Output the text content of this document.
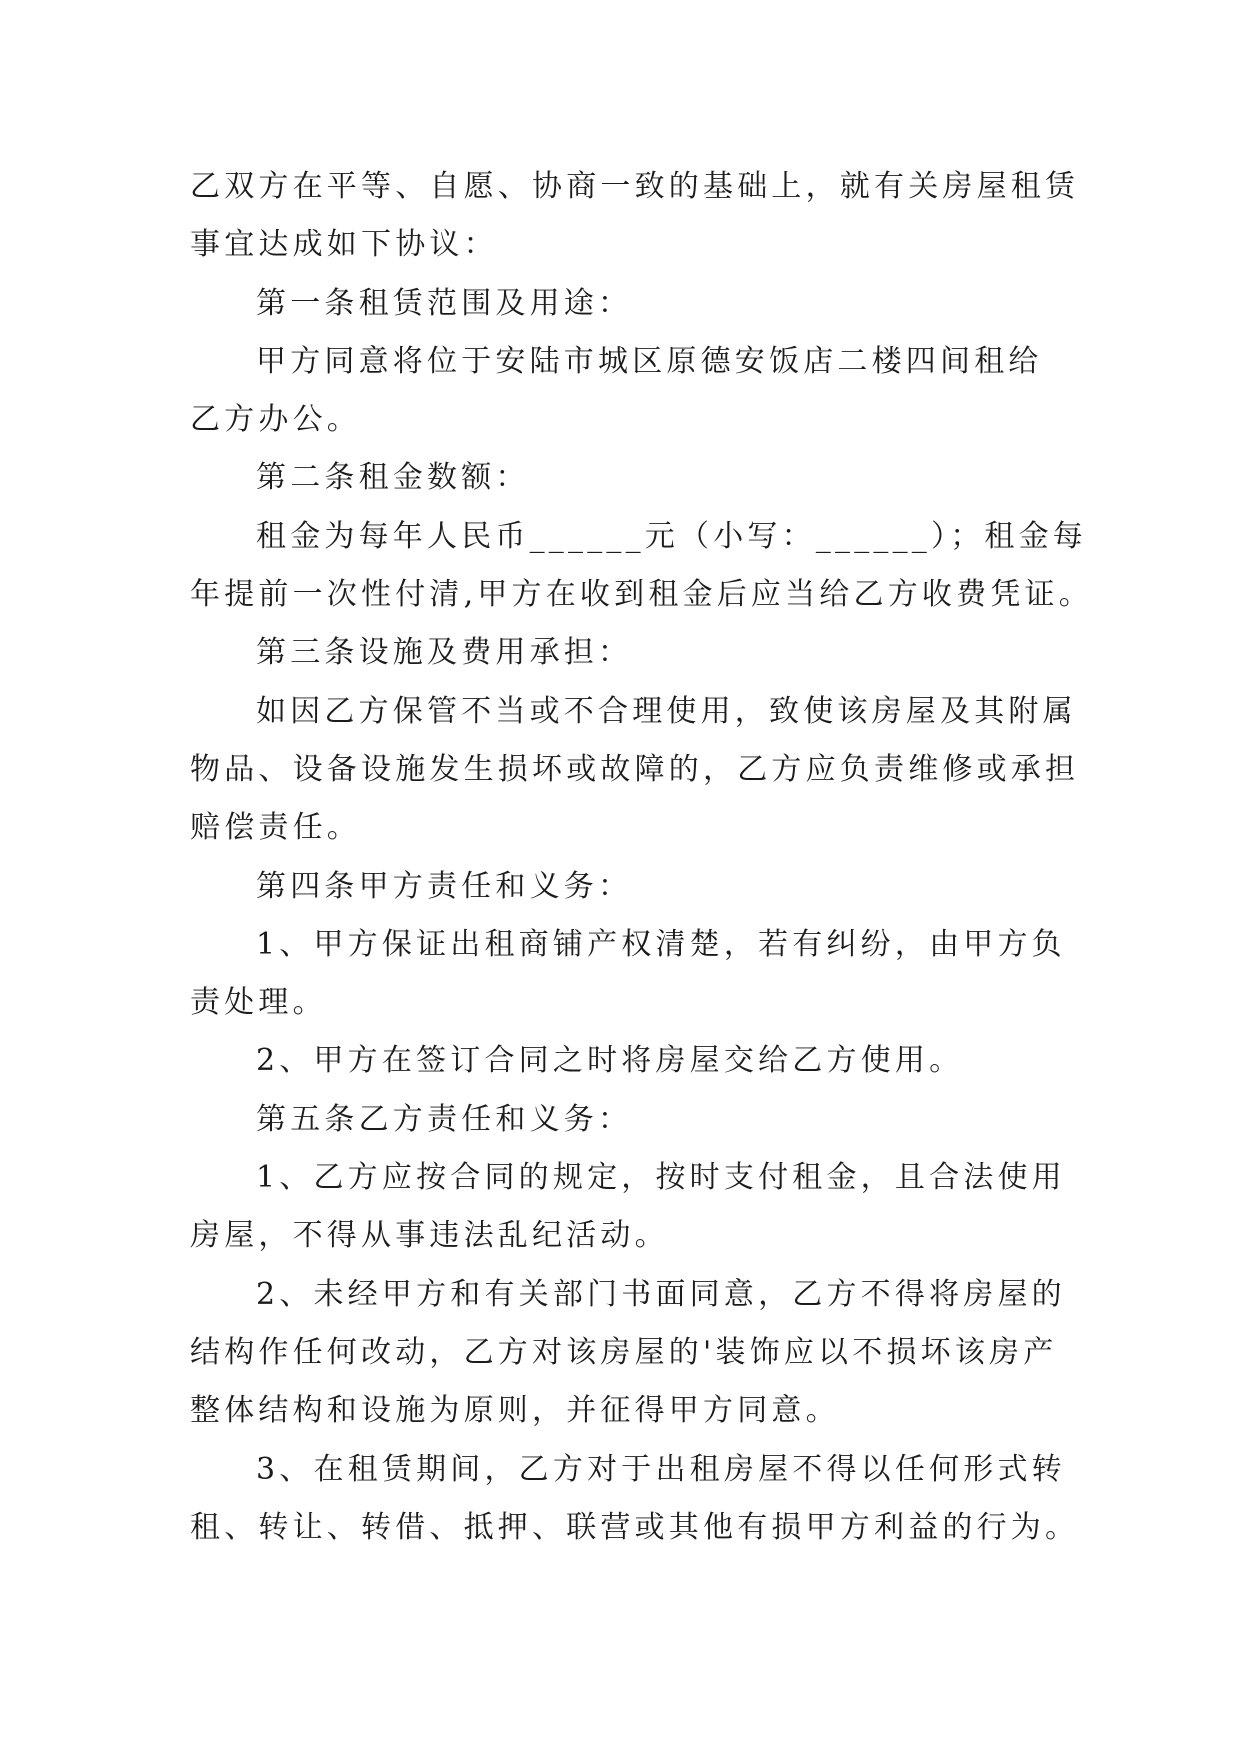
乙双方在平等、自愿、协商一致的基础上，就有关房屋租赁
事宜达成如下协议：
第一条租赁范围及用途：
甲方同意将位于安陆市城区原德安饭店二楼四间租给
乙方办公。
第二条租金数额：
租金为每年人民币______元（小写：______）；租金每
年提前一次性付清,甲方在收到租金后应当给乙方收费凭证。
第三条设施及费用承担：
如因乙方保管不当或不合理使用，致使该房屋及其附属
物品、设备设施发生损坏或故障的，乙方应负责维修或承担
赔偿责任。
第四条甲方责任和义务：
1、甲方保证出租商铺产权清楚，若有纠纷，由甲方负
责处理。
2、甲方在签订合同之时将房屋交给乙方使用。
第五条乙方责任和义务：
1、乙方应按合同的规定，按时支付租金，且合法使用
房屋，不得从事违法乱纪活动。
2、未经甲方和有关部门书面同意，乙方不得将房屋的
结构作任何改动，乙方对该房屋的'装饰应以不损坏该房产
整体结构和设施为原则，并征得甲方同意。
3、在租赁期间，乙方对于出租房屋不得以任何形式转
租、转让、转借、抵押、联营或其他有损甲方利益的行为。
